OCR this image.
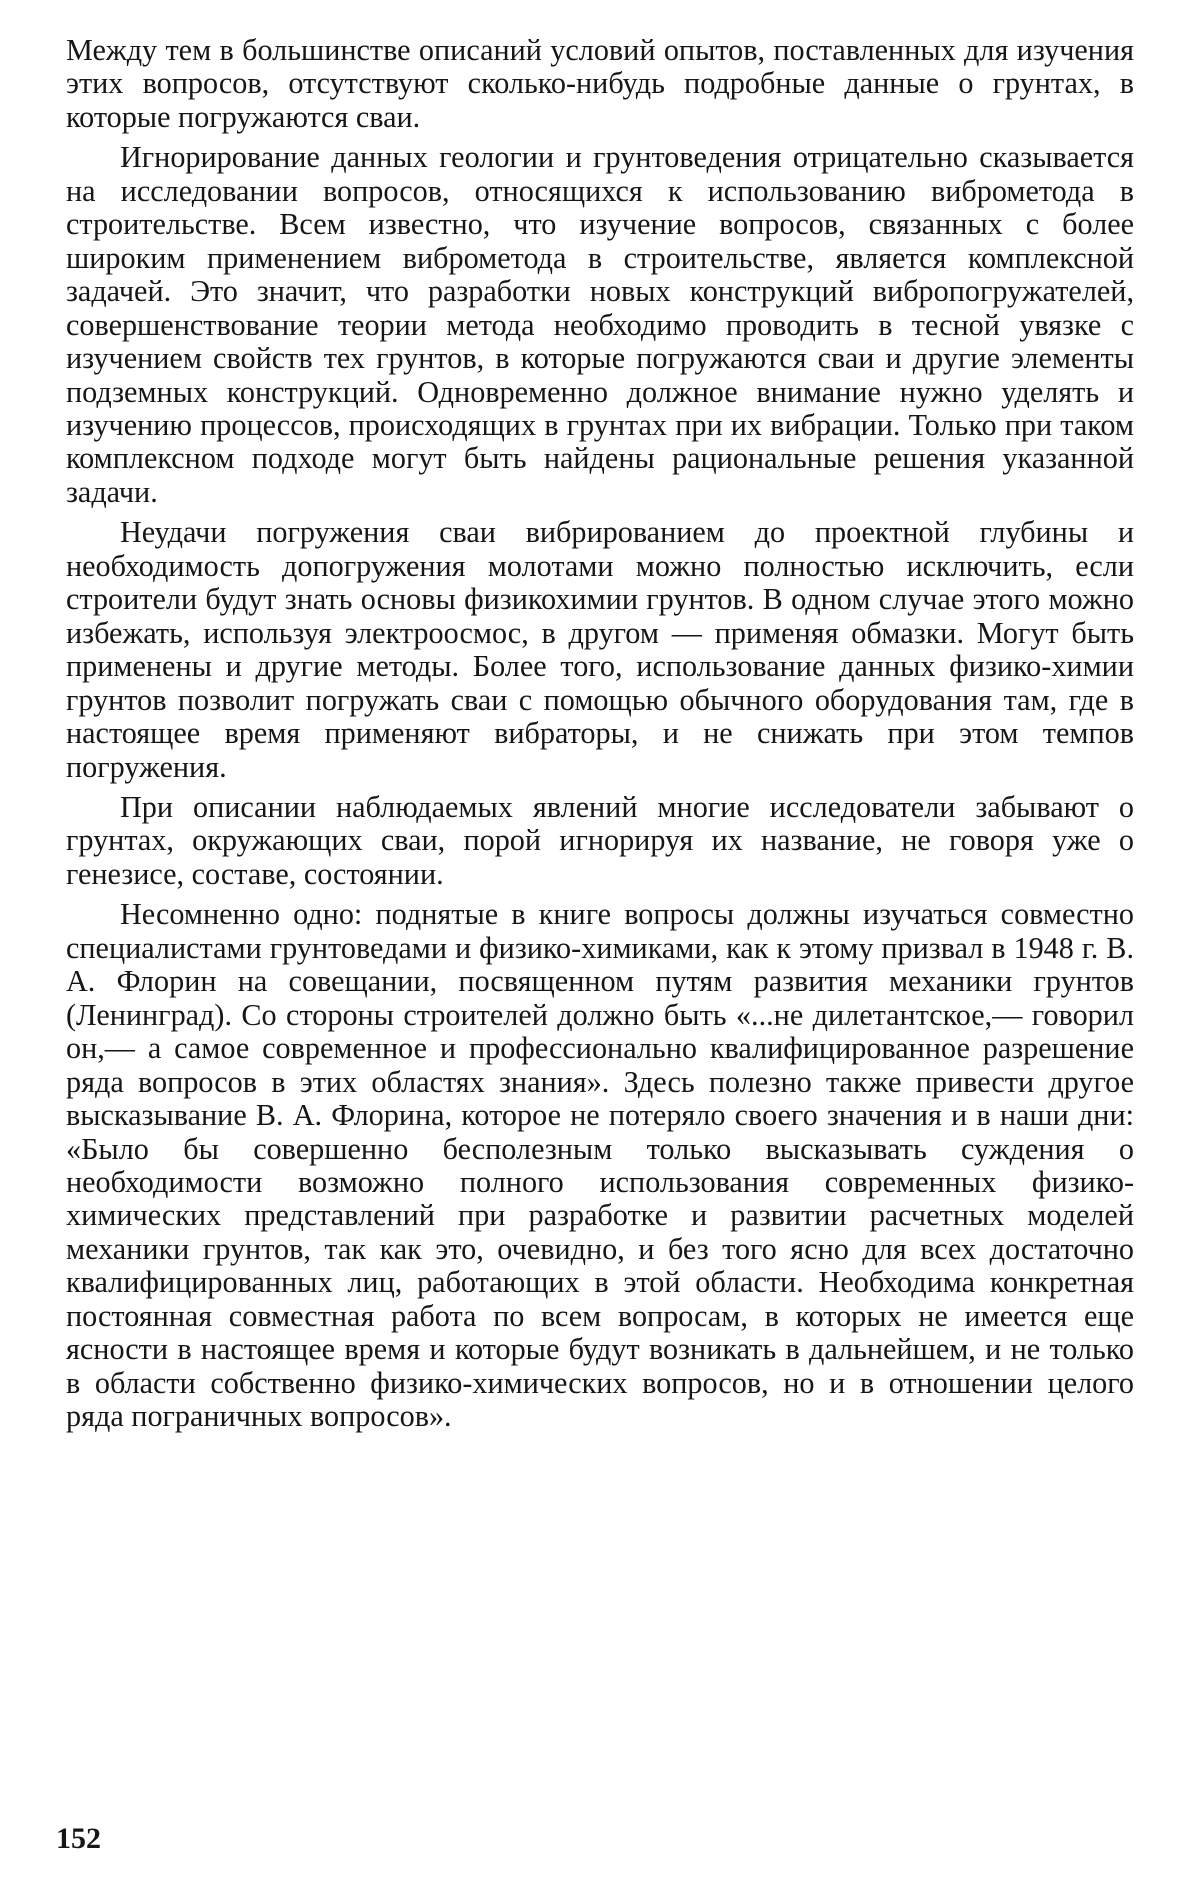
Между тем в большинстве описаний условий опытов, поставленных для изучения этих вопросов, отсутствуют сколько-нибудь подробные данные о грунтах, в которые погружаются сваи.

Игнорирование данных геологии и грунтоведения отрицательно сказывается на исследовании вопросов, относящихся к использованию виброметода в строительстве. Всем известно, что изучение вопросов, связанных с более широким применением виброметода в строительстве, является комплексной задачей. Это значит, что разработки новых конструкций вибропогружателей, совершенствование теории метода необходимо проводить в тесной увязке с изучением свойств тех грунтов, в которые погружаются сваи и другие элементы подземных конструкций. Одновременно должное внимание нужно уделять и изучению процессов, происходящих в грунтах при их вибрации. Только при таком комплексном подходе могут быть найдены рациональные решения указанной задачи.

Неудачи погружения сваи вибрированием до проектной глубины и необходимость допогружения молотами можно полностью исключить, если строители будут знать основы физикохимии грунтов. В одном случае этого можно избежать, используя электроосмос, в другом — применяя обмазки. Могут быть применены и другие методы. Более того, использование данных физико-химии грунтов позволит погружать сваи с помощью обычного оборудования там, где в настоящее время применяют вибраторы, и не снижать при этом темпов погружения.

При описании наблюдаемых явлений многие исследователи забывают о грунтах, окружающих сваи, порой игнорируя их название, не говоря уже о генезисе, составе, состоянии.

Несомненно одно: поднятые в книге вопросы должны изучаться совместно специалистами грунтоведами и физико-химиками, как к этому призвал в 1948 г. В. А. Флорин на совещании, посвященном путям развития механики грунтов (Ленинград). Со стороны строителей должно быть «...не дилетантское,— говорил он,— а самое современное и профессионально квалифицированное разрешение ряда вопросов в этих областях знания». Здесь полезно также привести другое высказывание В. А. Флорина, которое не потеряло своего значения и в наши дни: «Было бы совершенно бесполезным только высказывать суждения о необходимости возможно полного использования современных физико-химических представлений при разработке и развитии расчетных моделей механики грунтов, так как это, очевидно, и без того ясно для всех достаточно квалифицированных лиц, работающих в этой области. Необходима конкретная постоянная совместная работа по всем вопросам, в которых не имеется еще ясности в настоящее время и которые будут возникать в дальнейшем, и не только в области собственно физико-химических вопросов, но и в отношении целого ряда пограничных вопросов».

152
